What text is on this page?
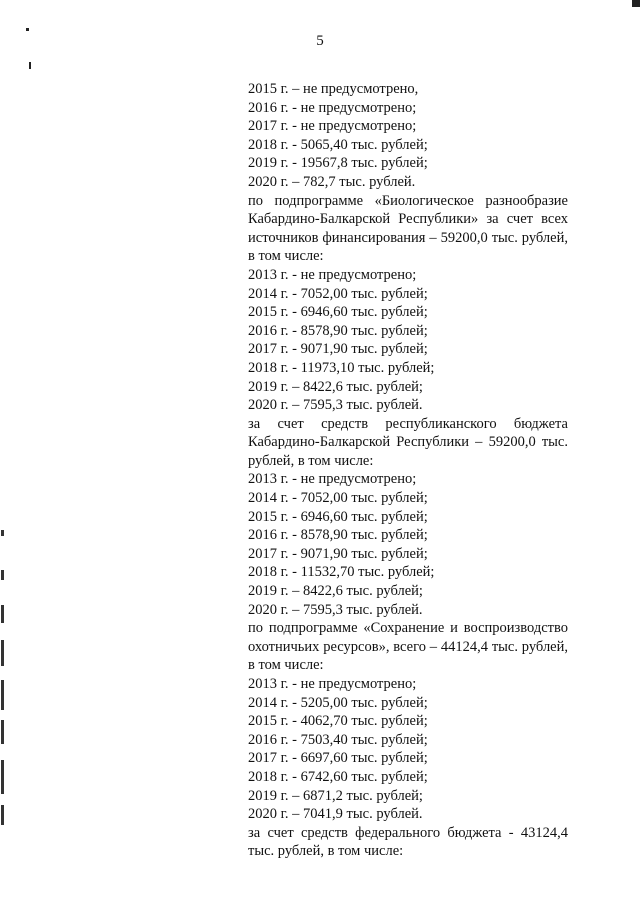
5
2015 г. – не предусмотрено,
2016 г. - не предусмотрено;
2017 г. - не предусмотрено;
2018 г. - 5065,40 тыс. рублей;
2019 г. - 19567,8 тыс. рублей;
2020 г. – 782,7 тыс. рублей.
по подпрограмме «Биологическое разнообразие Кабардино-Балкарской Республики» за счет всех источников финансирования – 59200,0 тыс. рублей, в том числе:
2013 г. - не предусмотрено;
2014 г. - 7052,00 тыс. рублей;
2015 г. - 6946,60 тыс. рублей;
2016 г. - 8578,90 тыс. рублей;
2017 г. - 9071,90 тыс. рублей;
2018 г. - 11973,10 тыс. рублей;
2019 г. – 8422,6 тыс. рублей;
2020 г. – 7595,3 тыс. рублей.
за счет средств республиканского бюджета Кабардино-Балкарской Республики – 59200,0 тыс. рублей, в том числе:
2013 г. - не предусмотрено;
2014 г. - 7052,00 тыс. рублей;
2015 г. - 6946,60 тыс. рублей;
2016 г. - 8578,90 тыс. рублей;
2017 г. - 9071,90 тыс. рублей;
2018 г. - 11532,70 тыс. рублей;
2019 г. – 8422,6 тыс. рублей;
2020 г. – 7595,3 тыс. рублей.
по подпрограмме «Сохранение и воспроизводство охотничьих ресурсов», всего – 44124,4 тыс. рублей, в том числе:
2013 г. - не предусмотрено;
2014 г. - 5205,00 тыс. рублей;
2015 г. - 4062,70 тыс. рублей;
2016 г. - 7503,40 тыс. рублей;
2017 г. - 6697,60 тыс. рублей;
2018 г. - 6742,60 тыс. рублей;
2019 г. – 6871,2 тыс. рублей;
2020 г. – 7041,9 тыс. рублей.
за счет средств федерального бюджета - 43124,4 тыс. рублей, в том числе:
